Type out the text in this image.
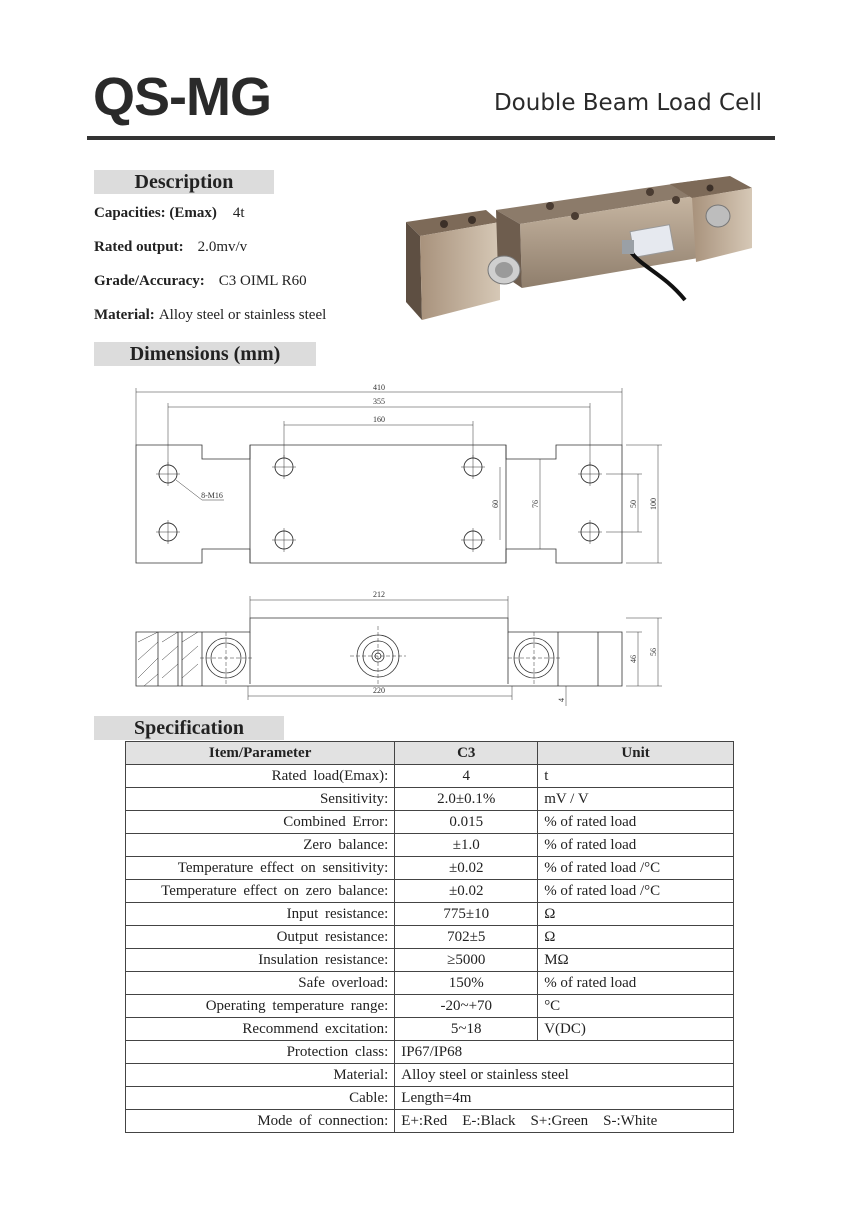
QS-MG	Double Beam Load Cell
Description
Capacities: (Emax) 4t
Rated output: 2.0mv/v
Grade/Accuracy: C3 OIML R60
Material: Alloy steel or stainless steel
Dimensions (mm)
410
355
160
8-M16
60	76	50 100
212
220
46
56
4
Specification
Item/Parameter	C3	Unit
Rated load(Emax):	4	t
Sensitivity:	2.0±0.1%	mV / V
Combined Error:	0.015	% of rated load
Zero balance:	±1.0	% of rated load
Temperature effect on sensitivity:	±0.02	% of rated load /°C
Temperature effect on zero balance:	±0.02	% of rated load /°C
Input resistance:	775±10	Ω
Output resistance:	702±5	Ω
Insulation resistance:	≥5000	MΩ
Safe overload:	150%	% of rated load
Operating temperature range:	-20~+70	°C
Recommend excitation:	5~18	V(DC)
Protection class:	IP67/IP68	
Material:	Alloy steel or stainless steel	
Cable:	Length=4m	
Mode of connection:	E+:Red    E-:Black    S+:Green    S-:White	
